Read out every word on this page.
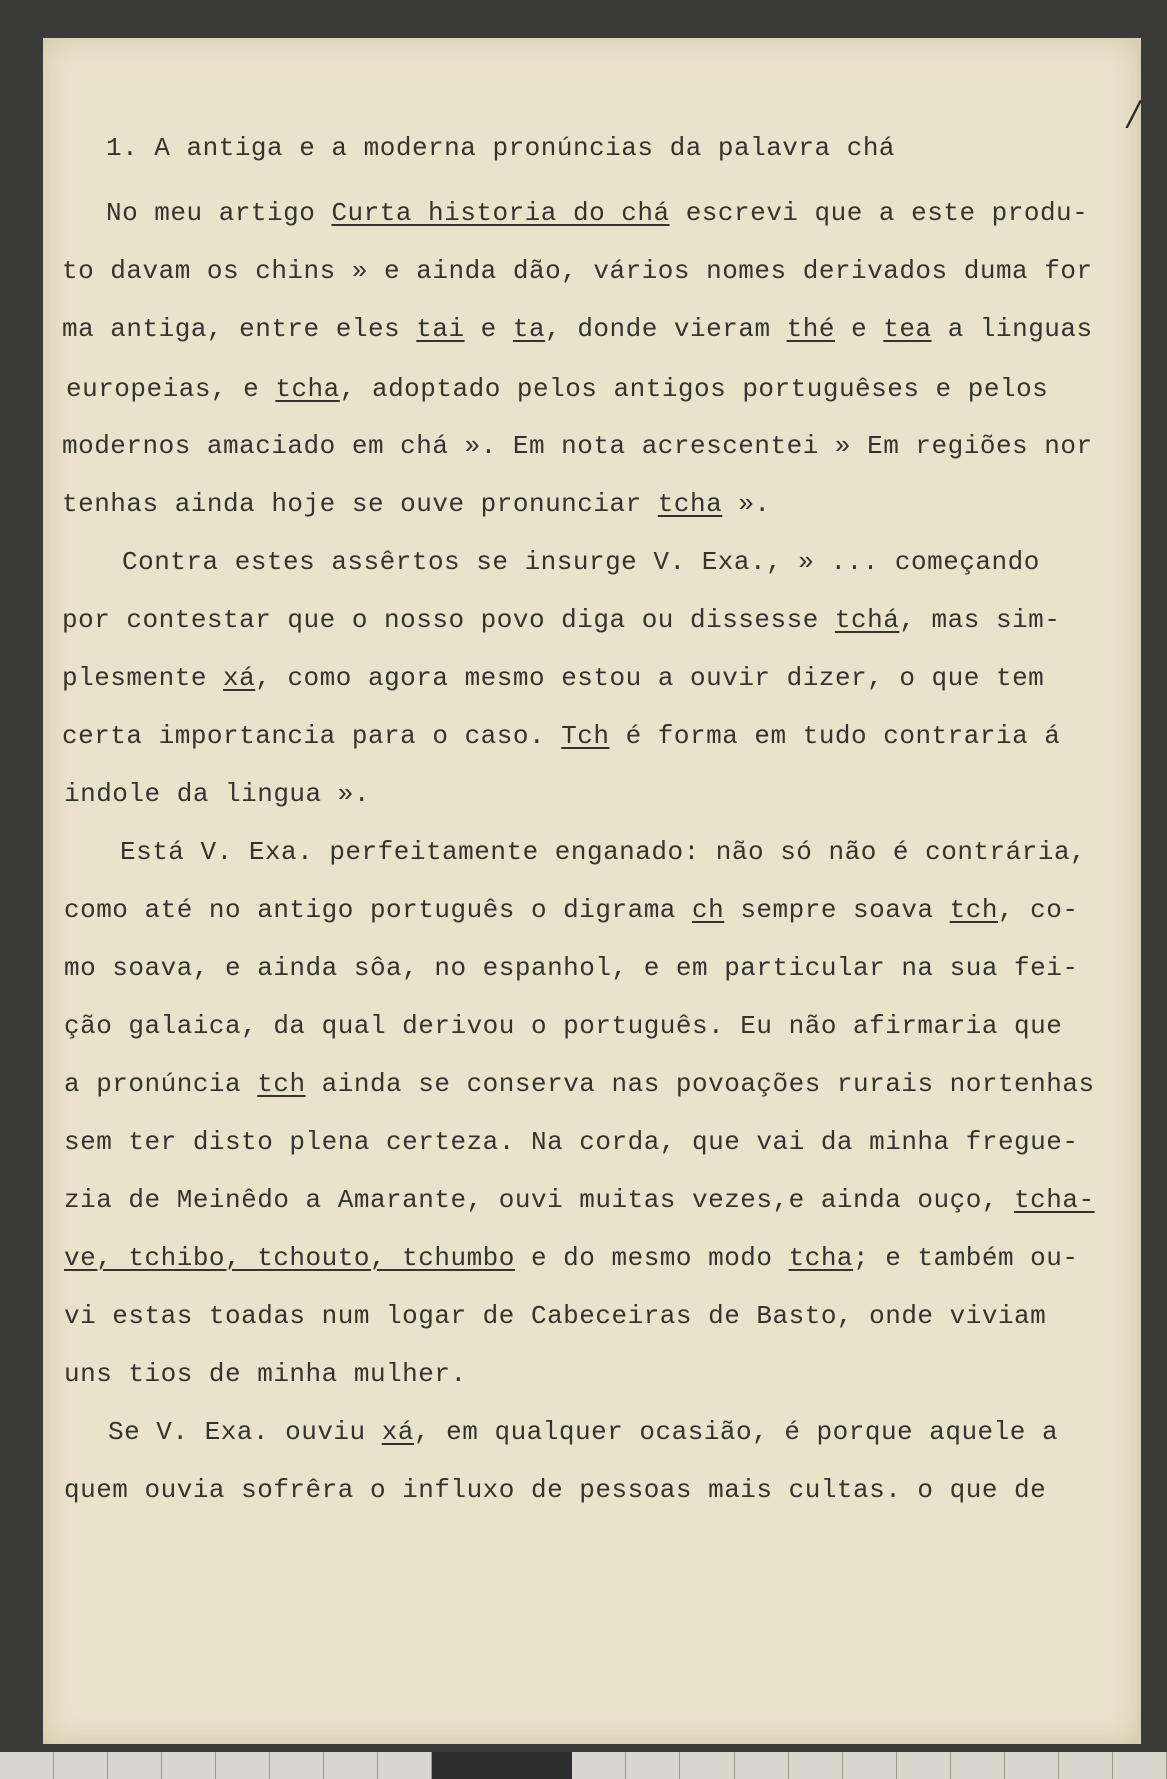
/
1. A antiga e a moderna pronúncias da palavra chá
No meu artigo Curta historia do chá escrevi que a este produ-
to davam os chins » e ainda dão, vários nomes derivados duma for
ma antiga, entre eles tai e ta, donde vieram thé e tea a linguas
europeias, e tcha, adoptado pelos antigos portuguêses e pelos
modernos amaciado em chá ». Em nota acrescentei » Em regiões nor
tenhas ainda hoje se ouve pronunciar tcha ».
Contra estes assêrtos se insurge V. Exa., » ... começando
por contestar que o nosso povo diga ou dissesse tchá, mas sim-
plesmente xá, como agora mesmo estou a ouvir dizer, o que tem
certa importancia para o caso. Tch é forma em tudo contraria á
indole da lingua ».
Está V. Exa. perfeitamente enganado: não só não é contrária,
como até no antigo português o digrama ch sempre soava tch, co-
mo soava, e ainda sôa, no espanhol, e em particular na sua fei-
ção galaica, da qual derivou o português. Eu não afirmaria que
a pronúncia tch ainda se conserva nas povoações rurais nortenhas
sem ter disto plena certeza. Na corda, que vai da minha fregue-
zia de Meinêdo a Amarante, ouvi muitas vezes,e ainda ouço, tcha-
ve, tchibo, tchouto, tchumbo e do mesmo modo tcha; e também ou-
vi estas toadas num logar de Cabeceiras de Basto, onde viviam
uns tios de minha mulher.
Se V. Exa. ouviu xá, em qualquer ocasião, é porque aquele a
quem ouvia sofrêra o influxo de pessoas mais cultas. o que de
